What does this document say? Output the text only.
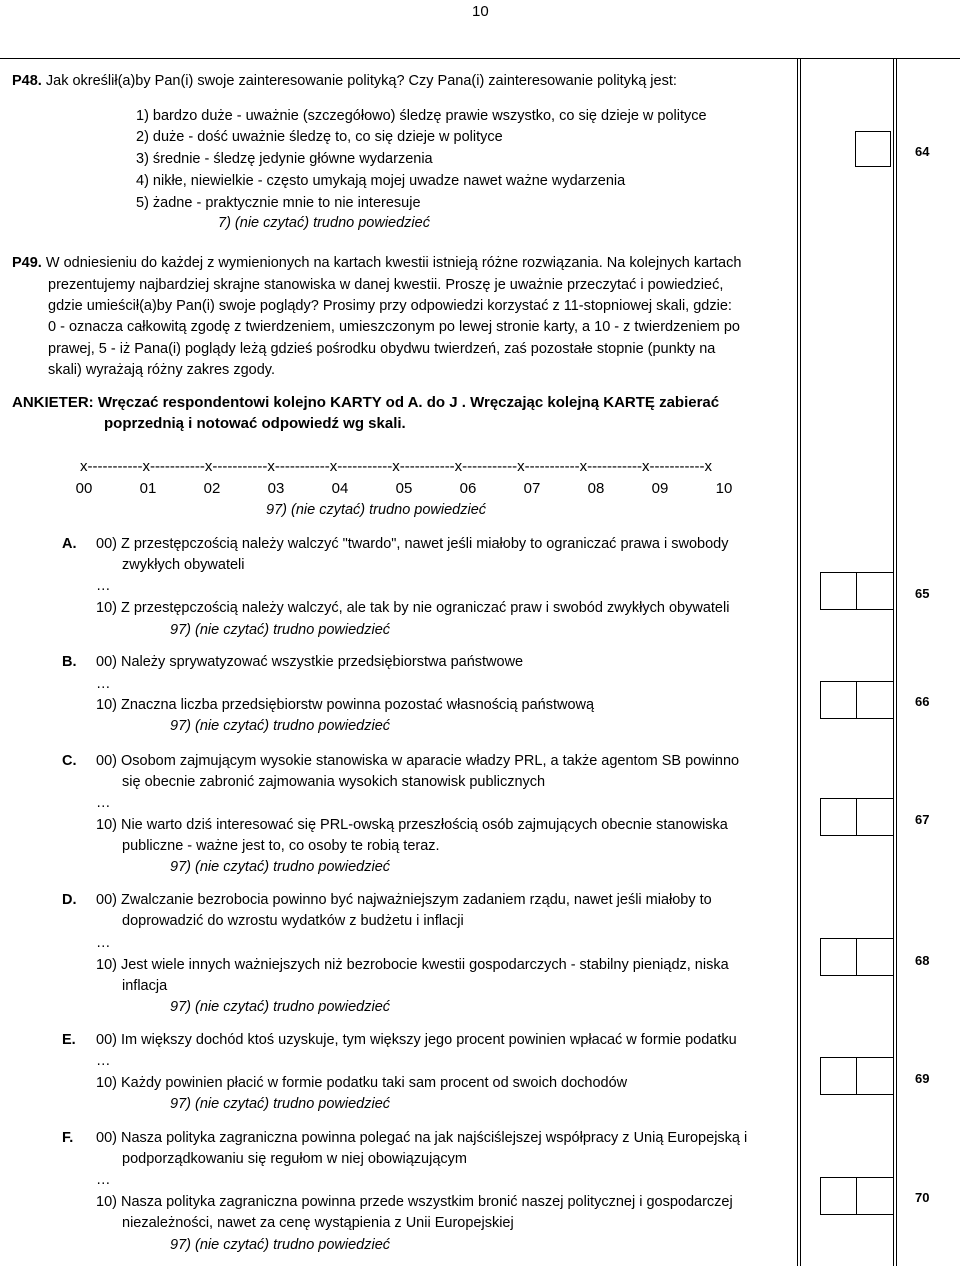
10
P48. Jak określił(a)by Pan(i) swoje zainteresowanie polityką? Czy Pana(i) zainteresowanie polityką jest:
1) bardzo duże - uważnie (szczegółowo) śledzę prawie wszystko, co się dzieje w polityce
2) duże - dość uważnie śledzę to, co się dzieje w polityce
3) średnie - śledzę jedynie główne wydarzenia
4) nikłe, niewielkie - często umykają mojej uwadze nawet ważne wydarzenia
5) żadne - praktycznie mnie to nie interesuje
7) (nie czytać) trudno powiedzieć
64
P49. W odniesieniu do każdej z wymienionych na kartach kwestii istnieją różne rozwiązania. Na kolejnych kartach
prezentujemy najbardziej skrajne stanowiska w danej kwestii. Proszę je uważnie przeczytać i powiedzieć,
gdzie umieścił(a)by Pan(i) swoje poglądy? Prosimy przy odpowiedzi korzystać z 11-stopniowej skali, gdzie:
0 - oznacza całkowitą zgodę z twierdzeniem, umieszczonym po lewej stronie karty, a 10 - z twierdzeniem po
prawej, 5 - iż Pana(i) poglądy leżą gdzieś pośrodku obydwu twierdzeń, zaś pozostałe stopnie (punkty na
skali) wyrażają różny zakres zgody.
ANKIETER: Wręczać respondentowi kolejno KARTY od A. do J . Wręczając kolejną KARTĘ zabierać
poprzednią i notować odpowiedź wg skali.
x-----------x-----------x-----------x-----------x-----------x-----------x-----------x-----------x-----------x-----------x
00	01	02	03	04	05	06	07	08	09	10
97) (nie czytać) trudno powiedzieć
A. 00) Z przestępczością należy walczyć "twardo", nawet jeśli miałoby to ograniczać prawa i swobody
zwykłych obywateli
…
10) Z przestępczością należy walczyć, ale tak by nie ograniczać praw i swobód zwykłych obywateli
97) (nie czytać) trudno powiedzieć
65
B. 00) Należy sprywatyzować wszystkie przedsiębiorstwa państwowe
…
10) Znaczna liczba przedsiębiorstw powinna pozostać własnością państwową
97) (nie czytać) trudno powiedzieć
66
C. 00) Osobom zajmującym wysokie stanowiska w aparacie władzy PRL, a także agentom SB powinno
się obecnie zabronić zajmowania wysokich stanowisk publicznych
…
10) Nie warto dziś interesować się PRL-owską przeszłością osób zajmujących obecnie stanowiska
publiczne - ważne jest to, co osoby te robią teraz.
97) (nie czytać) trudno powiedzieć
67
D. 00) Zwalczanie bezrobocia powinno być najważniejszym zadaniem rządu, nawet jeśli miałoby to
doprowadzić do wzrostu wydatków z budżetu i inflacji
…
10) Jest wiele innych ważniejszych niż bezrobocie kwestii gospodarczych - stabilny pieniądz, niska
inflacja
97) (nie czytać) trudno powiedzieć
68
E. 00) Im większy dochód ktoś uzyskuje, tym większy jego procent powinien wpłacać w formie podatku
…
10) Każdy powinien płacić w formie podatku taki sam procent od swoich dochodów
97) (nie czytać) trudno powiedzieć
69
F. 00) Nasza polityka zagraniczna powinna polegać na jak najściślejszej współpracy z Unią Europejską i
podporządkowaniu się regułom w niej obowiązującym
…
10) Nasza polityka zagraniczna powinna przede wszystkim bronić naszej politycznej i gospodarczej
niezależności, nawet za cenę wystąpienia z Unii Europejskiej
97) (nie czytać) trudno powiedzieć
70
